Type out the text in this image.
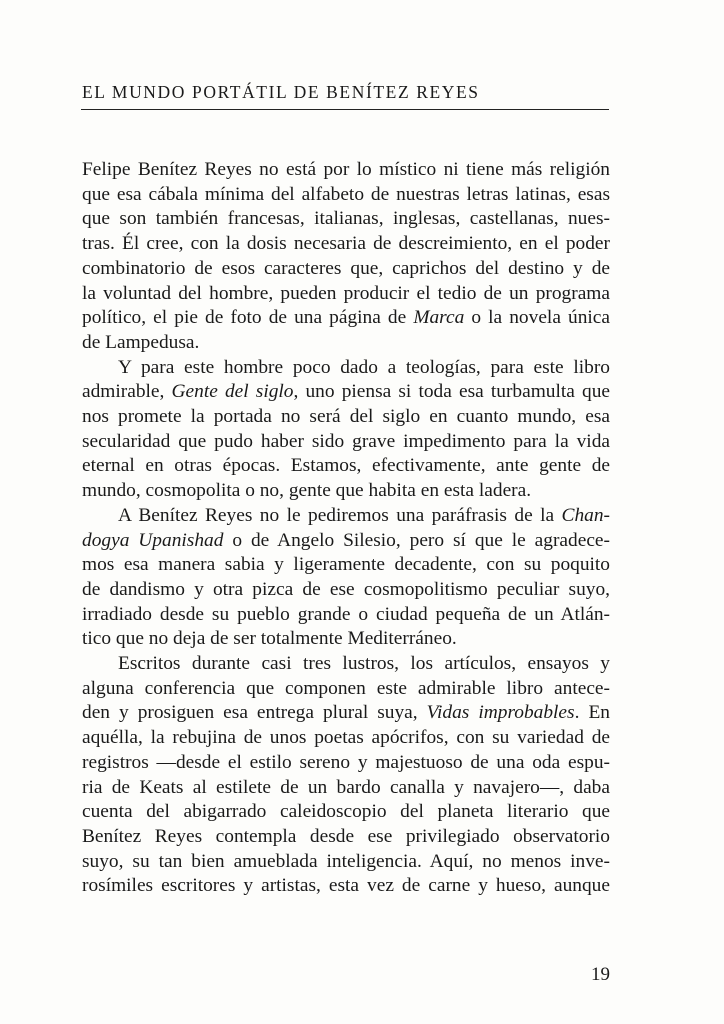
EL MUNDO PORTÁTIL DE BENÍTEZ REYES

Felipe Benítez Reyes no está por lo místico ni tiene más religión
que esa cábala mínima del alfabeto de nuestras letras latinas, esas
que son también francesas, italianas, inglesas, castellanas, nues-
tras. Él cree, con la dosis necesaria de descreimiento, en el poder
combinatorio de esos caracteres que, caprichos del destino y de
la voluntad del hombre, pueden producir el tedio de un programa
político, el pie de foto de una página de Marca o la novela única
de Lampedusa.

Y para este hombre poco dado a teologías, para este libro
admirable, Gente del siglo, uno piensa si toda esa turbamulta que
nos promete la portada no será del siglo en cuanto mundo, esa
secularidad que pudo haber sido grave impedimento para la vida
eternal en otras épocas. Estamos, efectivamente, ante gente de
mundo, cosmopolita o no, gente que habita en esta ladera.

A Benítez Reyes no le pediremos una paráfrasis de la Chan-
dogya Upanishad o de Angelo Silesio, pero sí que le agradece-
mos esa manera sabia y ligeramente decadente, con su poquito
de dandismo y otra pizca de ese cosmopolitismo peculiar suyo,
irradiado desde su pueblo grande o ciudad pequeña de un Atlán-
tico que no deja de ser totalmente Mediterráneo.

Escritos durante casi tres lustros, los artículos, ensayos y
alguna conferencia que componen este admirable libro antece-
den y prosiguen esa entrega plural suya, Vidas improbables. En
aquélla, la rebujina de unos poetas apócrifos, con su variedad de
registros —desde el estilo sereno y majestuoso de una oda espu-
ria de Keats al estilete de un bardo canalla y navajero—, daba
cuenta del abigarrado caleidoscopio del planeta literario que
Benítez Reyes contempla desde ese privilegiado observatorio
suyo, su tan bien amueblada inteligencia. Aquí, no menos inve-
rosímiles escritores y artistas, esta vez de carne y hueso, aunque

19
